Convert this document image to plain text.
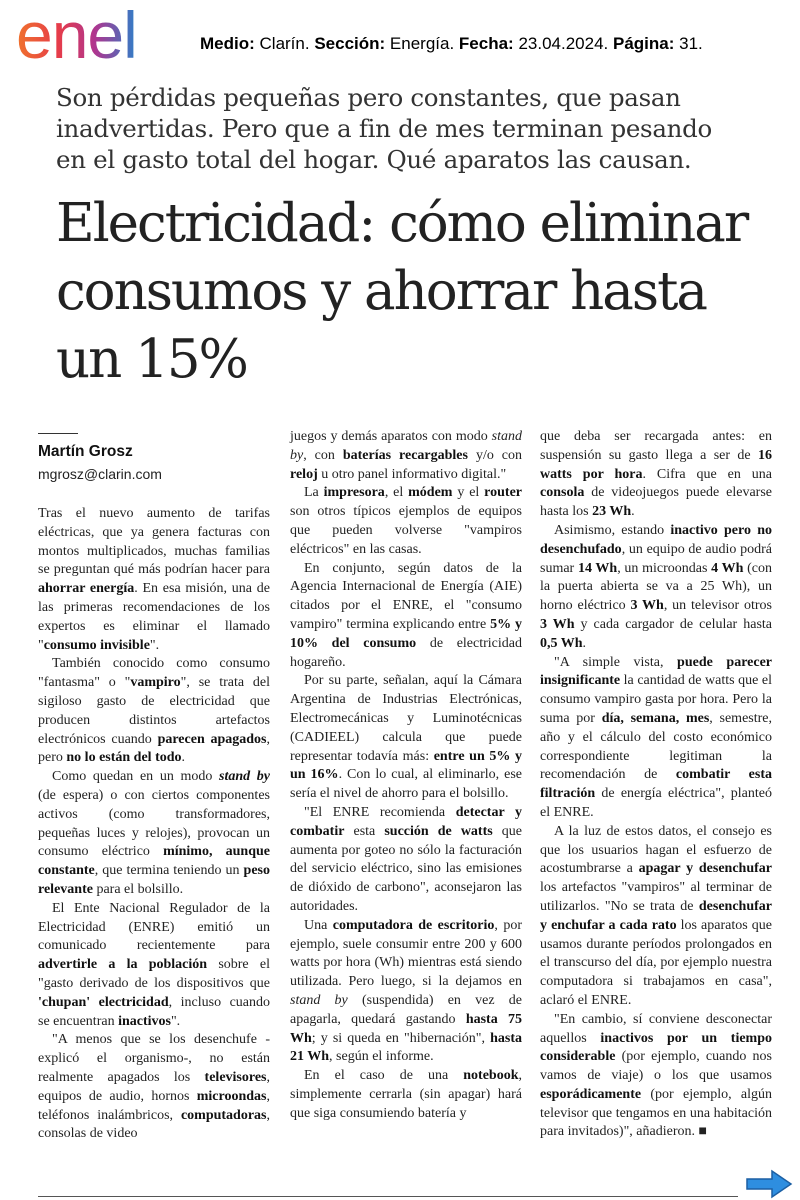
enel	Medio: Clarín. Sección: Energía. Fecha: 23.04.2024. Página: 31.
Son pérdidas pequeñas pero constantes, que pasan inadvertidas. Pero que a fin de mes terminan pesando en el gasto total del hogar. Qué aparatos las causan.
Electricidad: cómo eliminar consumos y ahorrar hasta un 15%
Martín Grosz
mgrosz@clarin.com

Tras el nuevo aumento de tarifas eléctricas, que ya genera facturas con montos multiplicados, muchas familias se preguntan qué más podrían hacer para ahorrar energía. En esa misión, una de las primeras recomendaciones de los expertos es eliminar el llamado "consumo invisible".

También conocido como consumo "fantasma" o "vampiro", se trata del sigiloso gasto de electricidad que producen distintos artefactos electrónicos cuando parecen apagados, pero no lo están del todo.

Como quedan en un modo stand by (de espera) o con ciertos componentes activos (como transformadores, pequeñas luces y relojes), provocan un consumo eléctrico mínimo, aunque constante, que termina teniendo un peso relevante para el bolsillo.

El Ente Nacional Regulador de la Electricidad (ENRE) emitió un comunicado recientemente para advertirle a la población sobre el "gasto derivado de los dispositivos que 'chupan' electricidad, incluso cuando se encuentran inactivos".

"A menos que se los desenchufe -explicó el organismo-, no están realmente apagados los televisores, equipos de audio, hornos microondas, teléfonos inalámbricos, computadoras, consolas de video

juegos y demás aparatos con modo stand by, con baterías recargables y/o con reloj u otro panel informativo digital."

La impresora, el módem y el router son otros típicos ejemplos de equipos que pueden volverse "vampiros eléctricos" en las casas.

En conjunto, según datos de la Agencia Internacional de Energía (AIE) citados por el ENRE, el "consumo vampiro" termina explicando entre 5% y 10% del consumo de electricidad hogareño.

Por su parte, señalan, aquí la Cámara Argentina de Industrias Electrónicas, Electromecánicas y Luminotécnicas (CADIEEL) calcula que puede representar todavía más: entre un 5% y un 16%. Con lo cual, al eliminarlo, ese sería el nivel de ahorro para el bolsillo.

"El ENRE recomienda detectar y combatir esta succión de watts que aumenta por goteo no sólo la facturación del servicio eléctrico, sino las emisiones de dióxido de carbono", aconsejaron las autoridades.

Una computadora de escritorio, por ejemplo, suele consumir entre 200 y 600 watts por hora (Wh) mientras está siendo utilizada. Pero luego, si la dejamos en stand by (suspendida) en vez de apagarla, quedará gastando hasta 75 Wh; y si queda en "hibernación", hasta 21 Wh, según el informe.

En el caso de una notebook, simplemente cerrarla (sin apagar) hará que siga consumiendo batería y

que deba ser recargada antes: en suspensión su gasto llega a ser de 16 watts por hora. Cifra que en una consola de videojuegos puede elevarse hasta los 23 Wh.

Asimismo, estando inactivo pero no desenchufado, un equipo de audio podrá sumar 14 Wh, un microondas 4 Wh (con la puerta abierta se va a 25 Wh), un horno eléctrico 3 Wh, un televisor otros 3 Wh y cada cargador de celular hasta 0,5 Wh.

"A simple vista, puede parecer insignificante la cantidad de watts que el consumo vampiro gasta por hora. Pero la suma por día, semana, mes, semestre, año y el cálculo del costo económico correspondiente legitiman la recomendación de combatir esta filtración de energía eléctrica", planteó el ENRE.

A la luz de estos datos, el consejo es que los usuarios hagan el esfuerzo de acostumbrarse a apagar y desenchufar los artefactos "vampiros" al terminar de utilizarlos. "No se trata de desenchufar y enchufar a cada rato los aparatos que usamos durante períodos prolongados en el transcurso del día, por ejemplo nuestra computadora si trabajamos en casa", aclaró el ENRE.

"En cambio, sí conviene desconectar aquellos inactivos por un tiempo considerable (por ejemplo, cuando nos vamos de viaje) o los que usamos esporádicamente (por ejemplo, algún televisor que tengamos en una habitación para invitados)", añadieron. ■
